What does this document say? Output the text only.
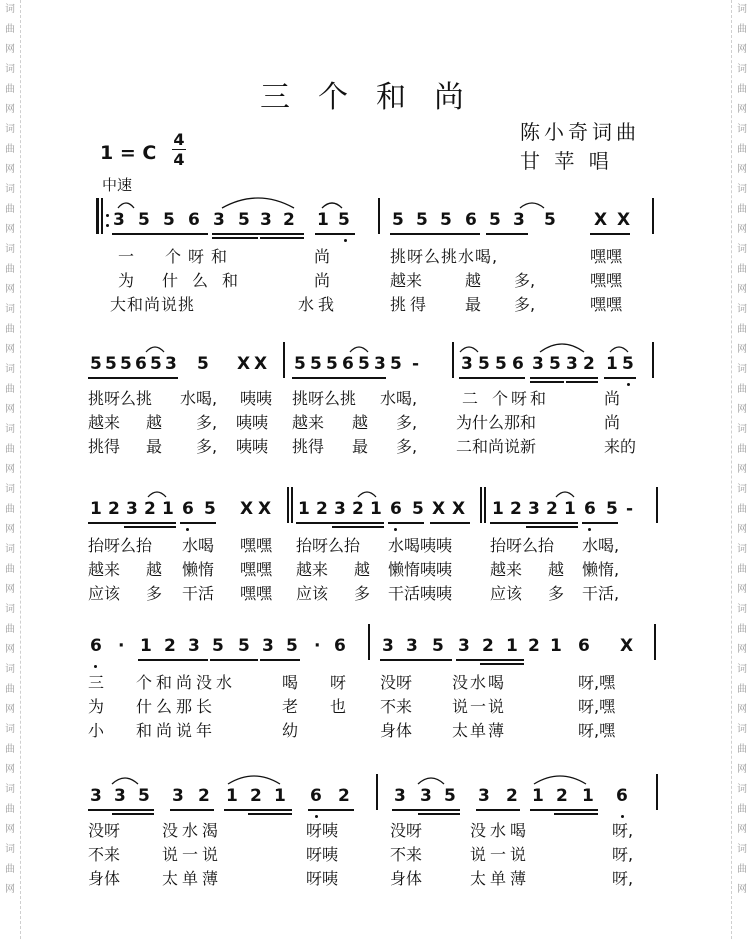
词
曲
网
词
曲
网
词
曲
网
词
曲
网
词
曲
网
词
曲
网
词
曲
网
词
曲
网
词
曲
网
词
曲
网
词
曲
网
词
曲
网
词
曲
网
词
曲
网
词
曲
网
词
曲
网
词
曲
网
词
曲
网
词
曲
网
词
曲
网
词
曲
网
词
曲
网
词
曲
网
词
曲
网
词
曲
网
词
曲
网
词
曲
网
词
曲
网
词
曲
网
词
曲
网
三个和尚
陈小奇词曲
甘 苹 唱
1 = C
4
4
中速
3 5 5 6 3 5 3 2 1 5 5 5 5 6 5 3 5 X X
一 个呀和	尚	挑呀么挑水喝,	嘿嘿
为 什么和	尚	越来	越 多,	嘿嘿
大和尚说挑	水我	挑得 最 多,	嘿嘿
5 5 5 6 5 3 5 X X 5 5 5 6 5 3 5 - 3 5 5 6 3 5 3 2 1 5
挑呀么挑 水喝, 咦咦 挑呀么挑 水喝,	二 个呀和	尚
越来 越 多, 咦咦 越来 越 多, 为什么那和	尚
挑得 最 多, 咦咦 挑得 最 多, 二和尚说新	来的
1 2 3 2 1 6 5 X X 1 2 3 2 1 6 5 X X 1 2 3 2 1 6 5 -
抬呀么抬 水喝 嘿嘿 抬呀么抬 水喝咦咦 抬呀么抬 水喝,
越来 越 懒惰 嘿嘿 越来 越 懒惰咦咦 越来 越 懒惰,
应该 多 干活 嘿嘿 应该 多 干活咦咦 应该 多 干活,
6 · 1 2 3 5 5 3 5 · 6 3 3 5 3 2 1 2 1 6 X
三 个和尚没水	喝 呀 没呀 没水喝	呀,嘿
为 什么那长	老 也 不来 说一说	呀,嘿
小 和尚说年	幼	身体 太单薄	呀,嘿
3 3 5 3 2 1 2 1 6 2	3 3 5 3 2 1 2 1 6
没呀	没水渴	呀咦	没呀	没水喝	呀,
不来	说一说	呀咦	不来	说一说	呀,
身体	太单薄	呀咦	身体	太单薄	呀,
